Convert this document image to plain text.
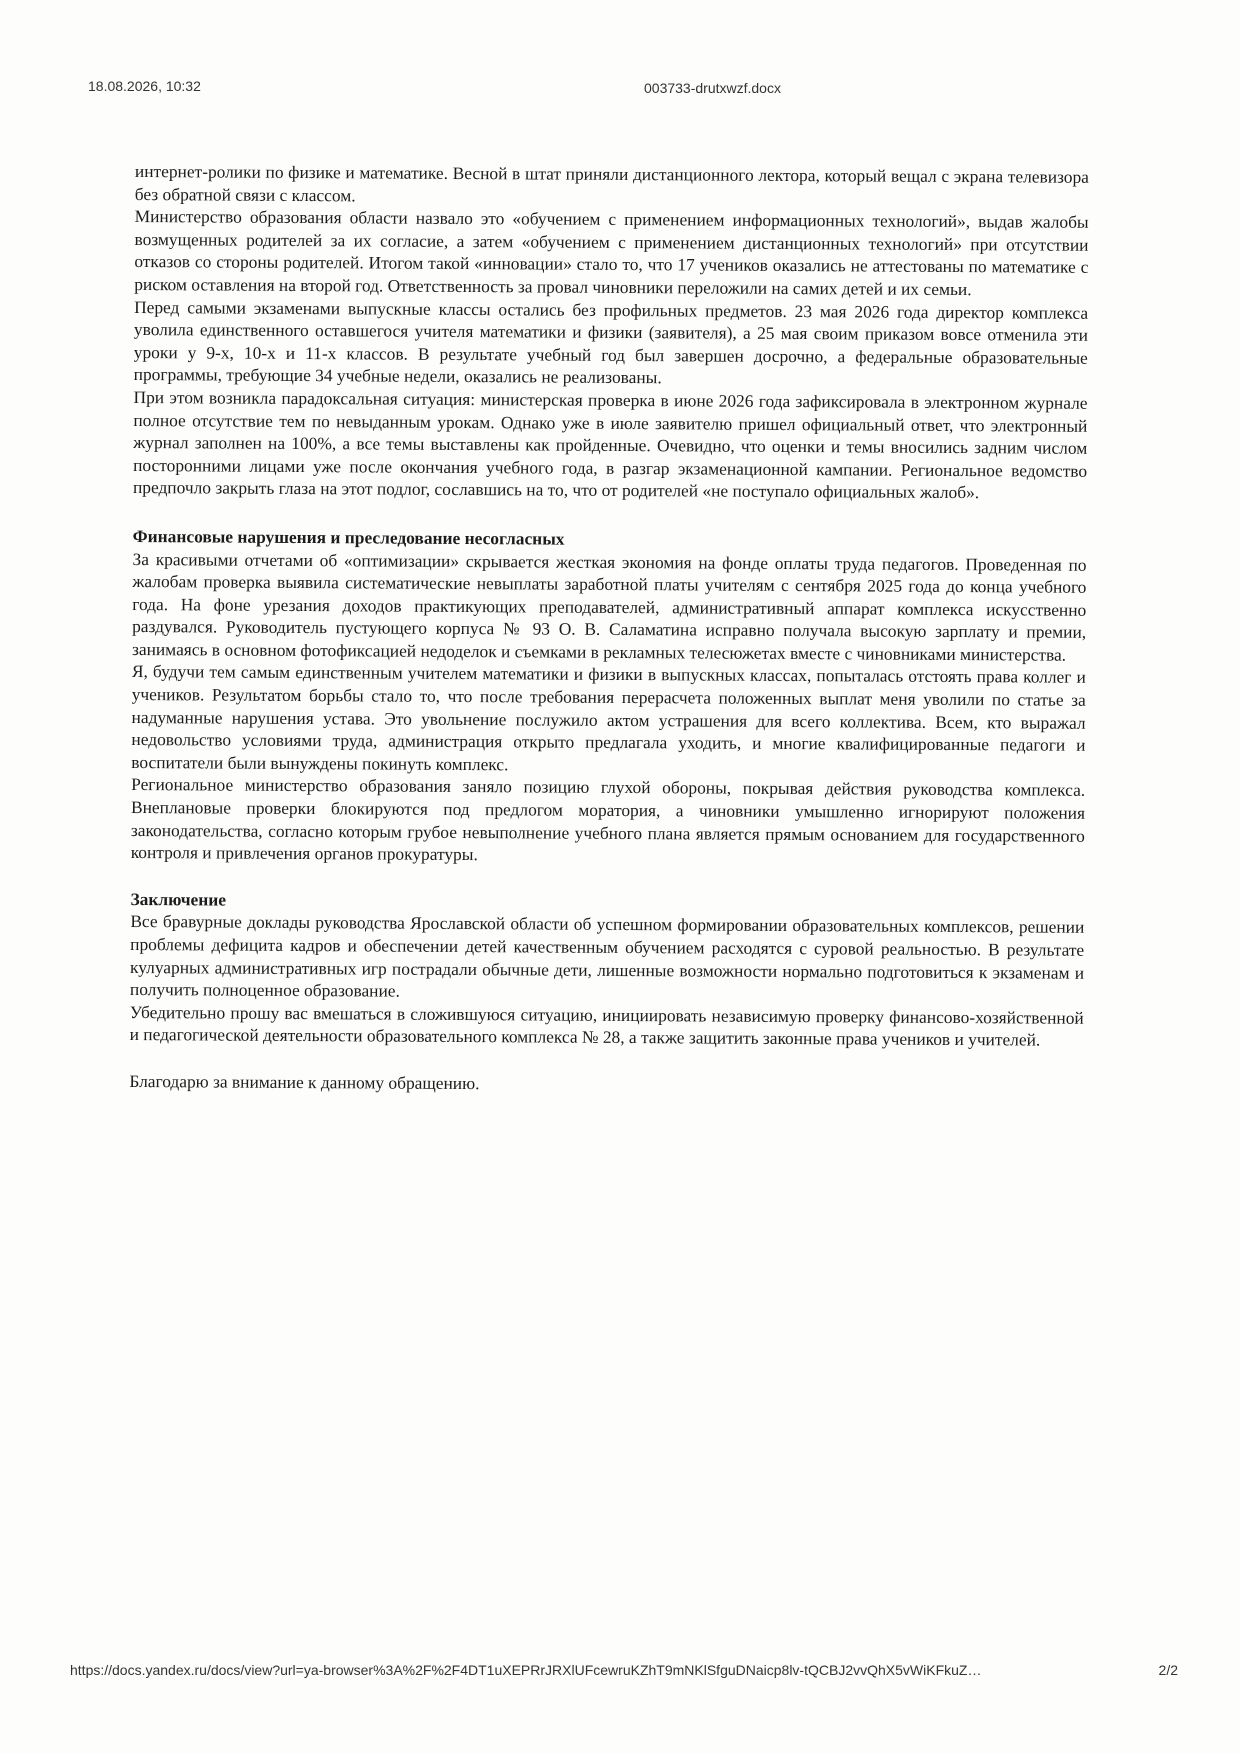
18.08.2026, 10:32	003733-drutxwzf.docx

интернет-ролики по физике и математике. Весной в штат приняли дистанционного лектора, который вещал с экрана телевизора без обратной связи с классом.

Министерство образования области назвало это «обучением с применением информационных технологий», выдав жалобы возмущенных родителей за их согласие, а затем «обучением с применением дистанционных технологий» при отсутствии отказов со стороны родителей. Итогом такой «инновации» стало то, что 17 учеников оказались не аттестованы по математике с риском оставления на второй год. Ответственность за провал чиновники переложили на самих детей и их семьи.

Перед самыми экзаменами выпускные классы остались без профильных предметов. 23 мая 2026 года директор комплекса уволила единственного оставшегося учителя математики и физики (заявителя), а 25 мая своим приказом вовсе отменила эти уроки у 9-х, 10-х и 11-х классов. В результате учебный год был завершен досрочно, а федеральные образовательные программы, требующие 34 учебные недели, оказались не реализованы.

При этом возникла парадоксальная ситуация: министерская проверка в июне 2026 года зафиксировала в электронном журнале полное отсутствие тем по невыданным урокам. Однако уже в июле заявителю пришел официальный ответ, что электронный журнал заполнен на 100%, а все темы выставлены как пройденные. Очевидно, что оценки и темы вносились задним числом посторонними лицами уже после окончания учебного года, в разгар экзаменационной кампании. Региональное ведомство предпочло закрыть глаза на этот подлог, сославшись на то, что от родителей «не поступало официальных жалоб».

Финансовые нарушения и преследование несогласных

За красивыми отчетами об «оптимизации» скрывается жесткая экономия на фонде оплаты труда педагогов. Проведенная по жалобам проверка выявила систематические невыплаты заработной платы учителям с сентября 2025 года до конца учебного года. На фоне урезания доходов практикующих преподавателей, административный аппарат комплекса искусственно раздувался. Руководитель пустующего корпуса № 93 О. В. Саламатина исправно получала высокую зарплату и премии, занимаясь в основном фотофиксацией недоделок и съемками в рекламных телесюжетах вместе с чиновниками министерства.

Я, будучи тем самым единственным учителем математики и физики в выпускных классах, попыталась отстоять права коллег и учеников. Результатом борьбы стало то, что после требования перерасчета положенных выплат меня уволили по статье за надуманные нарушения устава. Это увольнение послужило актом устрашения для всего коллектива. Всем, кто выражал недовольство условиями труда, администрация открыто предлагала уходить, и многие квалифицированные педагоги и воспитатели были вынуждены покинуть комплекс.

Региональное министерство образования заняло позицию глухой обороны, покрывая действия руководства комплекса. Внеплановые проверки блокируются под предлогом моратория, а чиновники умышленно игнорируют положения законодательства, согласно которым грубое невыполнение учебного плана является прямым основанием для государственного контроля и привлечения органов прокуратуры.

Заключение

Все бравурные доклады руководства Ярославской области об успешном формировании образовательных комплексов, решении проблемы дефицита кадров и обеспечении детей качественным обучением расходятся с суровой реальностью. В результате кулуарных административных игр пострадали обычные дети, лишенные возможности нормально подготовиться к экзаменам и получить полноценное образование.

Убедительно прошу вас вмешаться в сложившуюся ситуацию, инициировать независимую проверку финансово-хозяйственной и педагогической деятельности образовательного комплекса № 28, а также защитить законные права учеников и учителей.

Благодарю за внимание к данному обращению.

https://docs.yandex.ru/docs/view?url=ya-browser%3A%2F%2F4DT1uXEPRrJRXlUFcewruKZhT9mNKlSfguDNaicp8lv-tQCBJ2vvQhX5vWiKFkuZ…	2/2
